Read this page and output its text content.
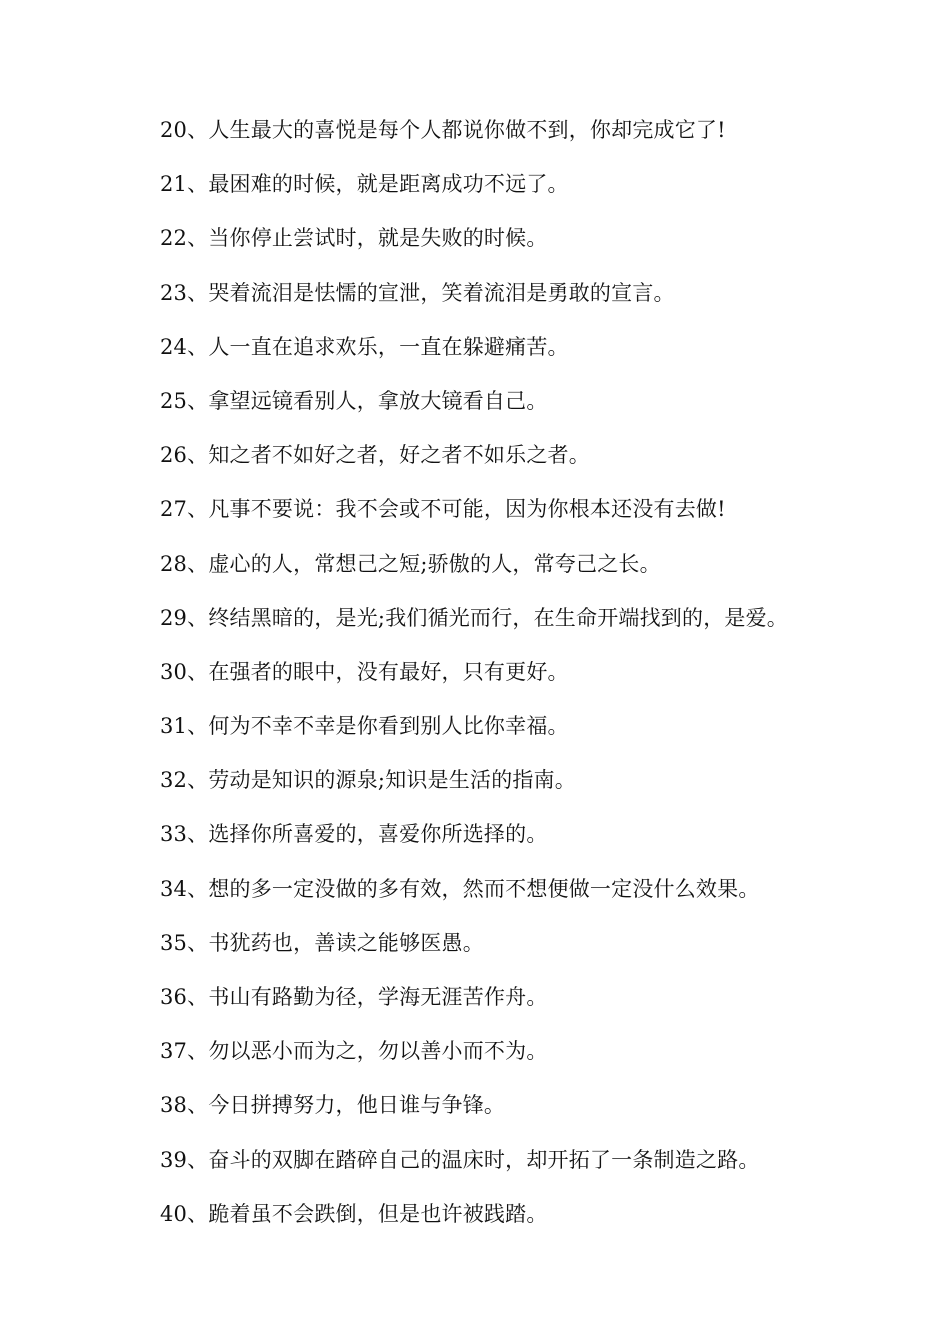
20、人生最大的喜悦是每个人都说你做不到，你却完成它了!
21、最困难的时候，就是距离成功不远了。
22、当你停止尝试时，就是失败的时候。
23、哭着流泪是怯懦的宣泄，笑着流泪是勇敢的宣言。
24、人一直在追求欢乐，一直在躲避痛苦。
25、拿望远镜看别人，拿放大镜看自己。
26、知之者不如好之者，好之者不如乐之者。
27、凡事不要说：我不会或不可能，因为你根本还没有去做!
28、虚心的人，常想己之短;骄傲的人，常夸己之长。
29、终结黑暗的，是光;我们循光而行，在生命开端找到的，是爱。
30、在强者的眼中，没有最好，只有更好。
31、何为不幸不幸是你看到别人比你幸福。
32、劳动是知识的源泉;知识是生活的指南。
33、选择你所喜爱的，喜爱你所选择的。
34、想的多一定没做的多有效，然而不想便做一定没什么效果。
35、书犹药也，善读之能够医愚。
36、书山有路勤为径，学海无涯苦作舟。
37、勿以恶小而为之，勿以善小而不为。
38、今日拼搏努力，他日谁与争锋。
39、奋斗的双脚在踏碎自己的温床时，却开拓了一条制造之路。
40、跪着虽不会跌倒，但是也许被践踏。
